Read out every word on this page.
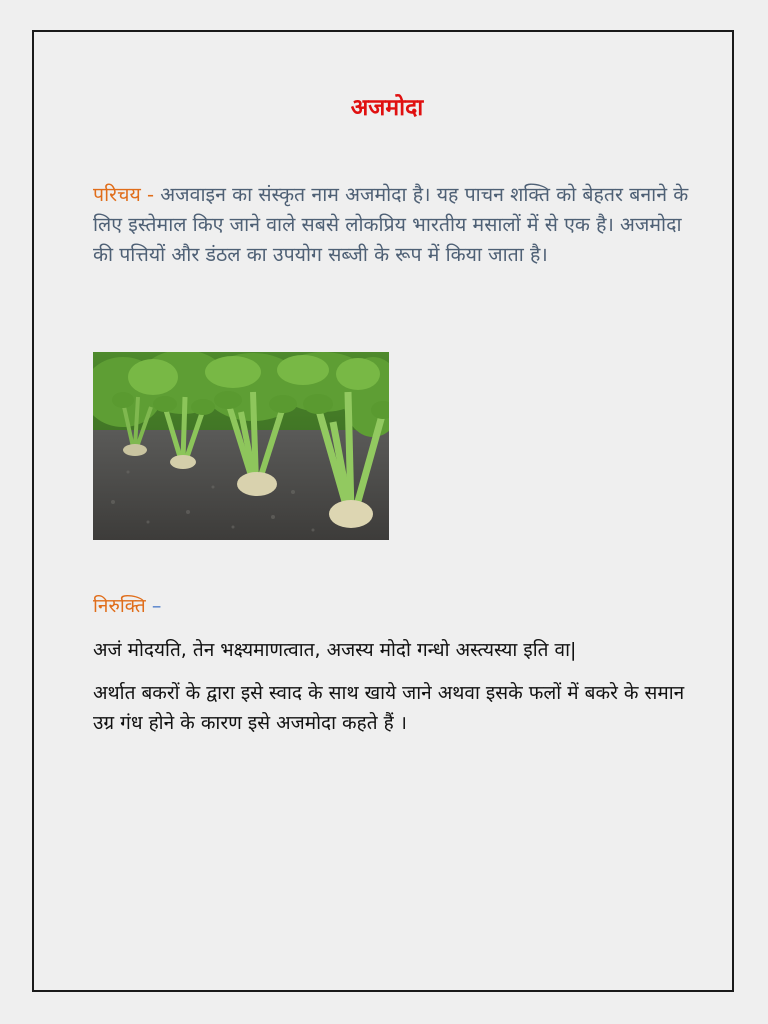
अजमोदा
परिचय - अजवाइन का संस्कृत नाम अजमोदा है। यह पाचन शक्ति को बेहतर बनाने के लिए इस्तेमाल किए जाने वाले सबसे लोकप्रिय भारतीय मसालों में से एक है। अजमोदा की पत्तियों और डंठल का उपयोग सब्जी के रूप में किया जाता है।
निरुक्ति –
अजं मोदयति, तेन भक्ष्यमाणत्वात, अजस्य मोदो गन्धो अस्त्यस्या इति वा|
अर्थात बकरों के द्वारा इसे स्वाद के साथ खाये जाने अथवा इसके फलों में बकरे के समान उग्र गंध होने के कारण इसे अजमोदा कहते हैं ।
